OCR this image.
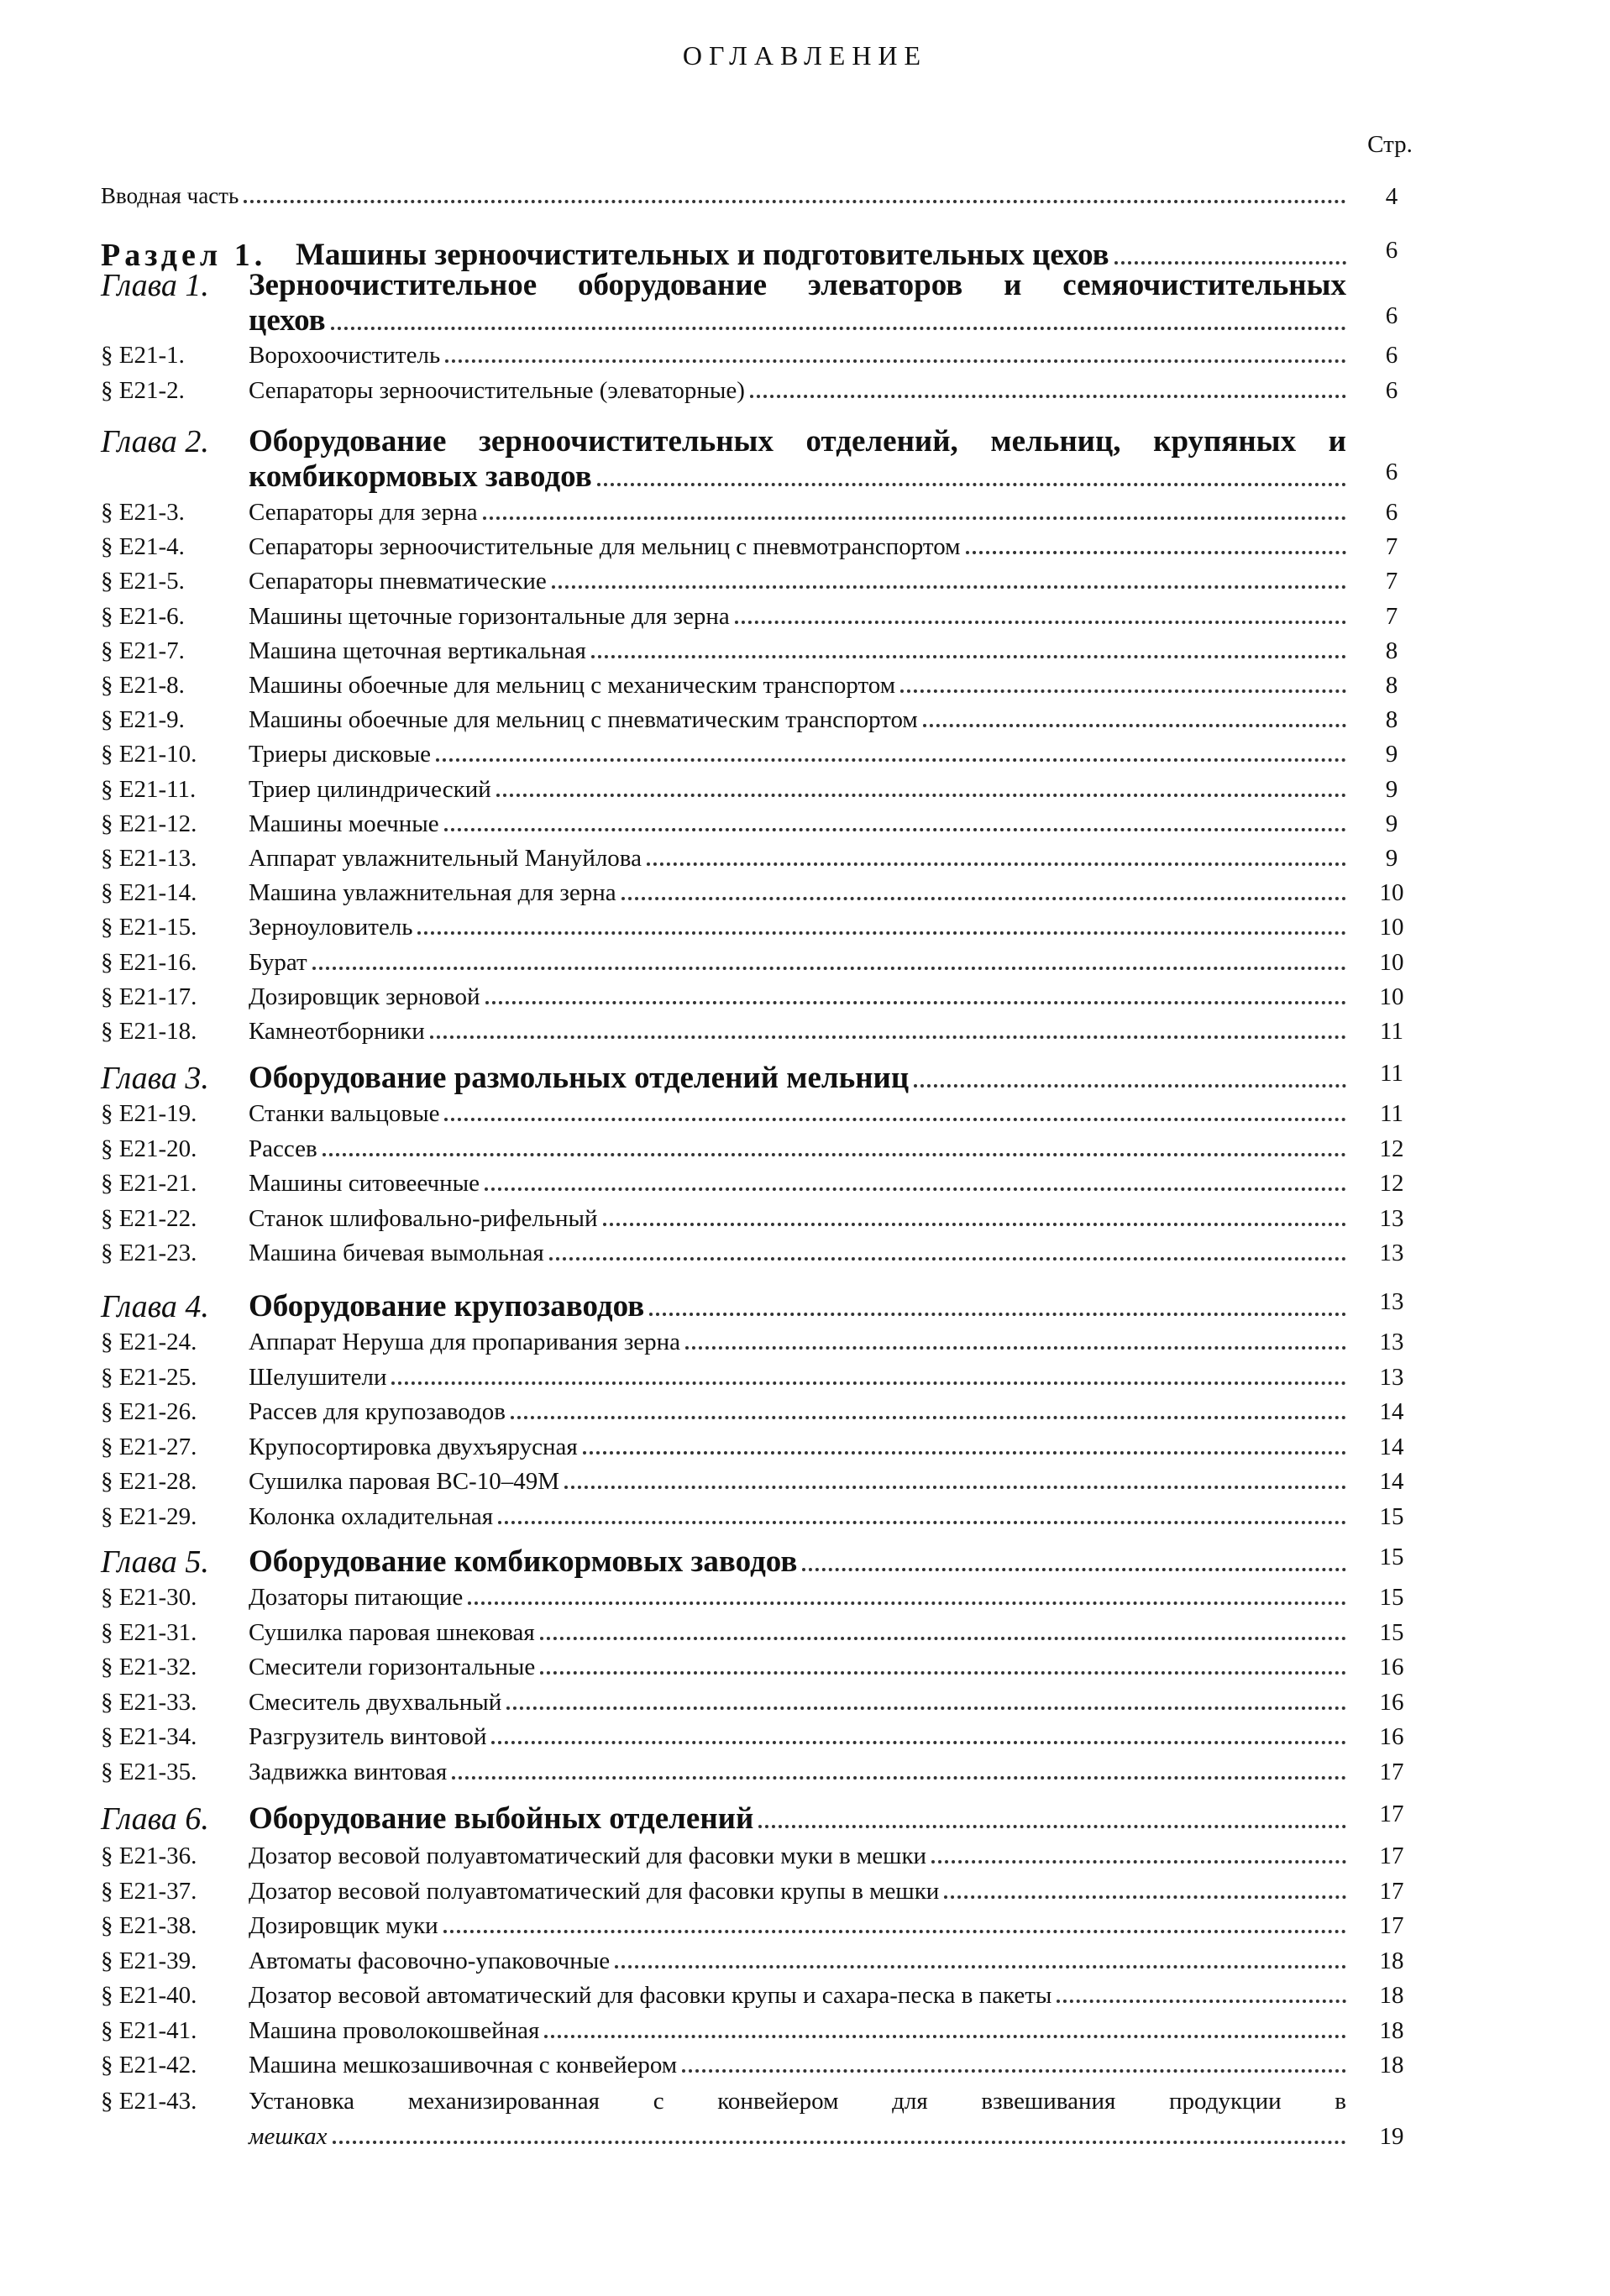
ОГЛАВЛЕНИЕ
Стр.
Вводная часть	4
Раздел 1. Машины зерноочистительных и подготовительных цехов	6
Глава 1. Зерноочистительное оборудование элеваторов и семяочистительных
цехов	6
§ Е21-1.	Ворохоочиститель	6
§ Е21-2.	Сепараторы зерноочистительные (элеваторные)	6
Глава 2. Оборудование зерноочистительных отделений, мельниц, крупяных и
комбикормовых заводов	6
§ Е21-3.	Сепараторы для зерна	6
§ Е21-4.	Сепараторы зерноочистительные для мельниц с пневмотранспортом	7
§ Е21-5.	Сепараторы пневматические	7
§ Е21-6.	Машины щеточные горизонтальные для зерна	7
§ Е21-7.	Машина щеточная вертикальная	8
§ Е21-8.	Машины обоечные для мельниц с механическим транспортом	8
§ Е21-9.	Машины обоечные для мельниц с пневматическим транспортом	8
§ Е21-10. Триеры дисковые	9
§ Е21-11. Триер цилиндрический	9
§ Е21-12. Машины моечные	9
§ Е21-13. Аппарат увлажнительный Мануйлова	9
§ Е21-14. Машина увлажнительная для зерна	10
§ Е21-15. Зерноуловитель	10
§ Е21-16. Бурат	10
§ Е21-17. Дозировщик зерновой	10
§ Е21-18. Камнеотборники	11
Глава 3. Оборудование размольных отделений мельниц	11
§ Е21-19. Станки вальцовые	11
§ Е21-20. Рассев	12
§ Е21-21. Машины ситовеечные	12
§ Е21-22. Станок шлифовально-рифельный	13
§ Е21-23. Машина бичевая вымольная	13
Глава 4. Оборудование крупозаводов	13
§ Е21-24. Аппарат Неруша для пропаривания зерна	13
§ Е21-25. Шелушители	13
§ Е21-26. Рассев для крупозаводов	14
§ Е21-27. Крупосортировка двухъярусная	14
§ Е21-28. Сушилка паровая ВС-10–49М	14
§ Е21-29. Колонка охладительная	15
Глава 5. Оборудование комбикормовых заводов	15
§ Е21-30. Дозаторы питающие	15
§ Е21-31. Сушилка паровая шнековая	15
§ Е21-32. Смесители горизонтальные	16
§ Е21-33. Смеситель двухвальный	16
§ Е21-34. Разгрузитель винтовой	16
§ Е21-35. Задвижка винтовая	17
Глава 6. Оборудование выбойных отделений	17
§ Е21-36. Дозатор весовой полуавтоматический для фасовки муки в мешки	17
§ Е21-37. Дозатор весовой полуавтоматический для фасовки крупы в мешки	17
§ Е21-38. Дозировщик муки	17
§ Е21-39. Автоматы фасовочно-упаковочные	18
§ Е21-40. Дозатор весовой автоматический для фасовки крупы и сахара-песка в пакеты	18
§ Е21-41. Машина проволокошвейная	18
§ Е21-42. Машина мешкозашивочная с конвейером	18
§ Е21-43. Установка механизированная с конвейером для взвешивания продукции в
мешках	19
